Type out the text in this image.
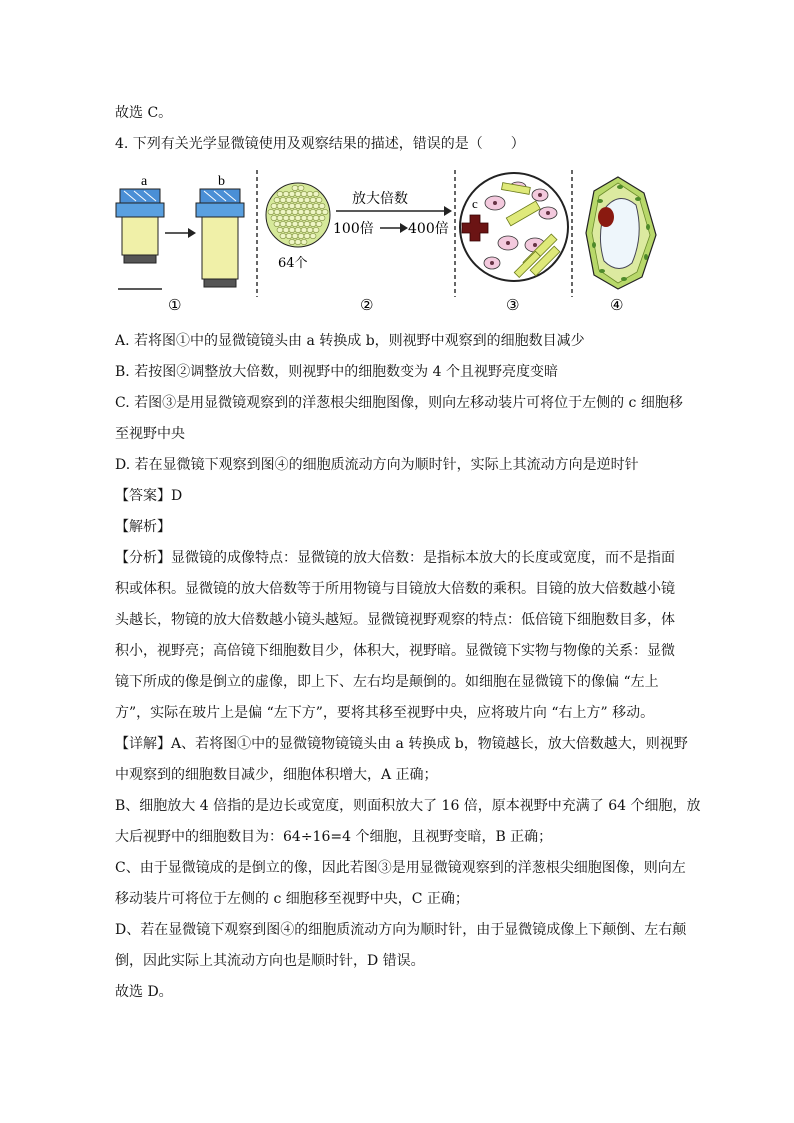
故选 C。
4. 下列有关光学显微镜使用及观察结果的描述，错误的是（　　）
a	b
①
64个
放大倍数
100倍 400倍
②
c
③	④
A. 若将图①中的显微镜镜头由 a 转换成 b，则视野中观察到的细胞数目减少
B. 若按图②调整放大倍数，则视野中的细胞数变为 4 个且视野亮度变暗
C. 若图③是用显微镜观察到的洋葱根尖细胞图像，则向左移动装片可将位于左侧的 c 细胞移
至视野中央
D. 若在显微镜下观察到图④的细胞质流动方向为顺时针，实际上其流动方向是逆时针
【答案】D
【解析】
【分析】显微镜的成像特点：显微镜的放大倍数：是指标本放大的长度或宽度，而不是指面
积或体积。显微镜的放大倍数等于所用物镜与目镜放大倍数的乘积。目镜的放大倍数越小镜
头越长，物镜的放大倍数越小镜头越短。显微镜视野观察的特点：低倍镜下细胞数目多，体
积小，视野亮；高倍镜下细胞数目少，体积大，视野暗。显微镜下实物与物像的关系：显微
镜下所成的像是倒立的虚像，即上下、左右均是颠倒的。如细胞在显微镜下的像偏 “左上
方”，实际在玻片上是偏 “左下方”，要将其移至视野中央，应将玻片向 “右上方” 移动。
【详解】A、若将图①中的显微镜物镜镜头由 a 转换成 b，物镜越长，放大倍数越大，则视野
中观察到的细胞数目减少，细胞体积增大，A 正确；
B、细胞放大 4 倍指的是边长或宽度，则面积放大了 16 倍，原本视野中充满了 64 个细胞，放
大后视野中的细胞数目为：64÷16=4 个细胞，且视野变暗，B 正确；
C、由于显微镜成的是倒立的像，因此若图③是用显微镜观察到的洋葱根尖细胞图像，则向左
移动装片可将位于左侧的 c 细胞移至视野中央，C 正确；
D、若在显微镜下观察到图④的细胞质流动方向为顺时针，由于显微镜成像上下颠倒、左右颠
倒，因此实际上其流动方向也是顺时针，D 错误。
故选 D。
